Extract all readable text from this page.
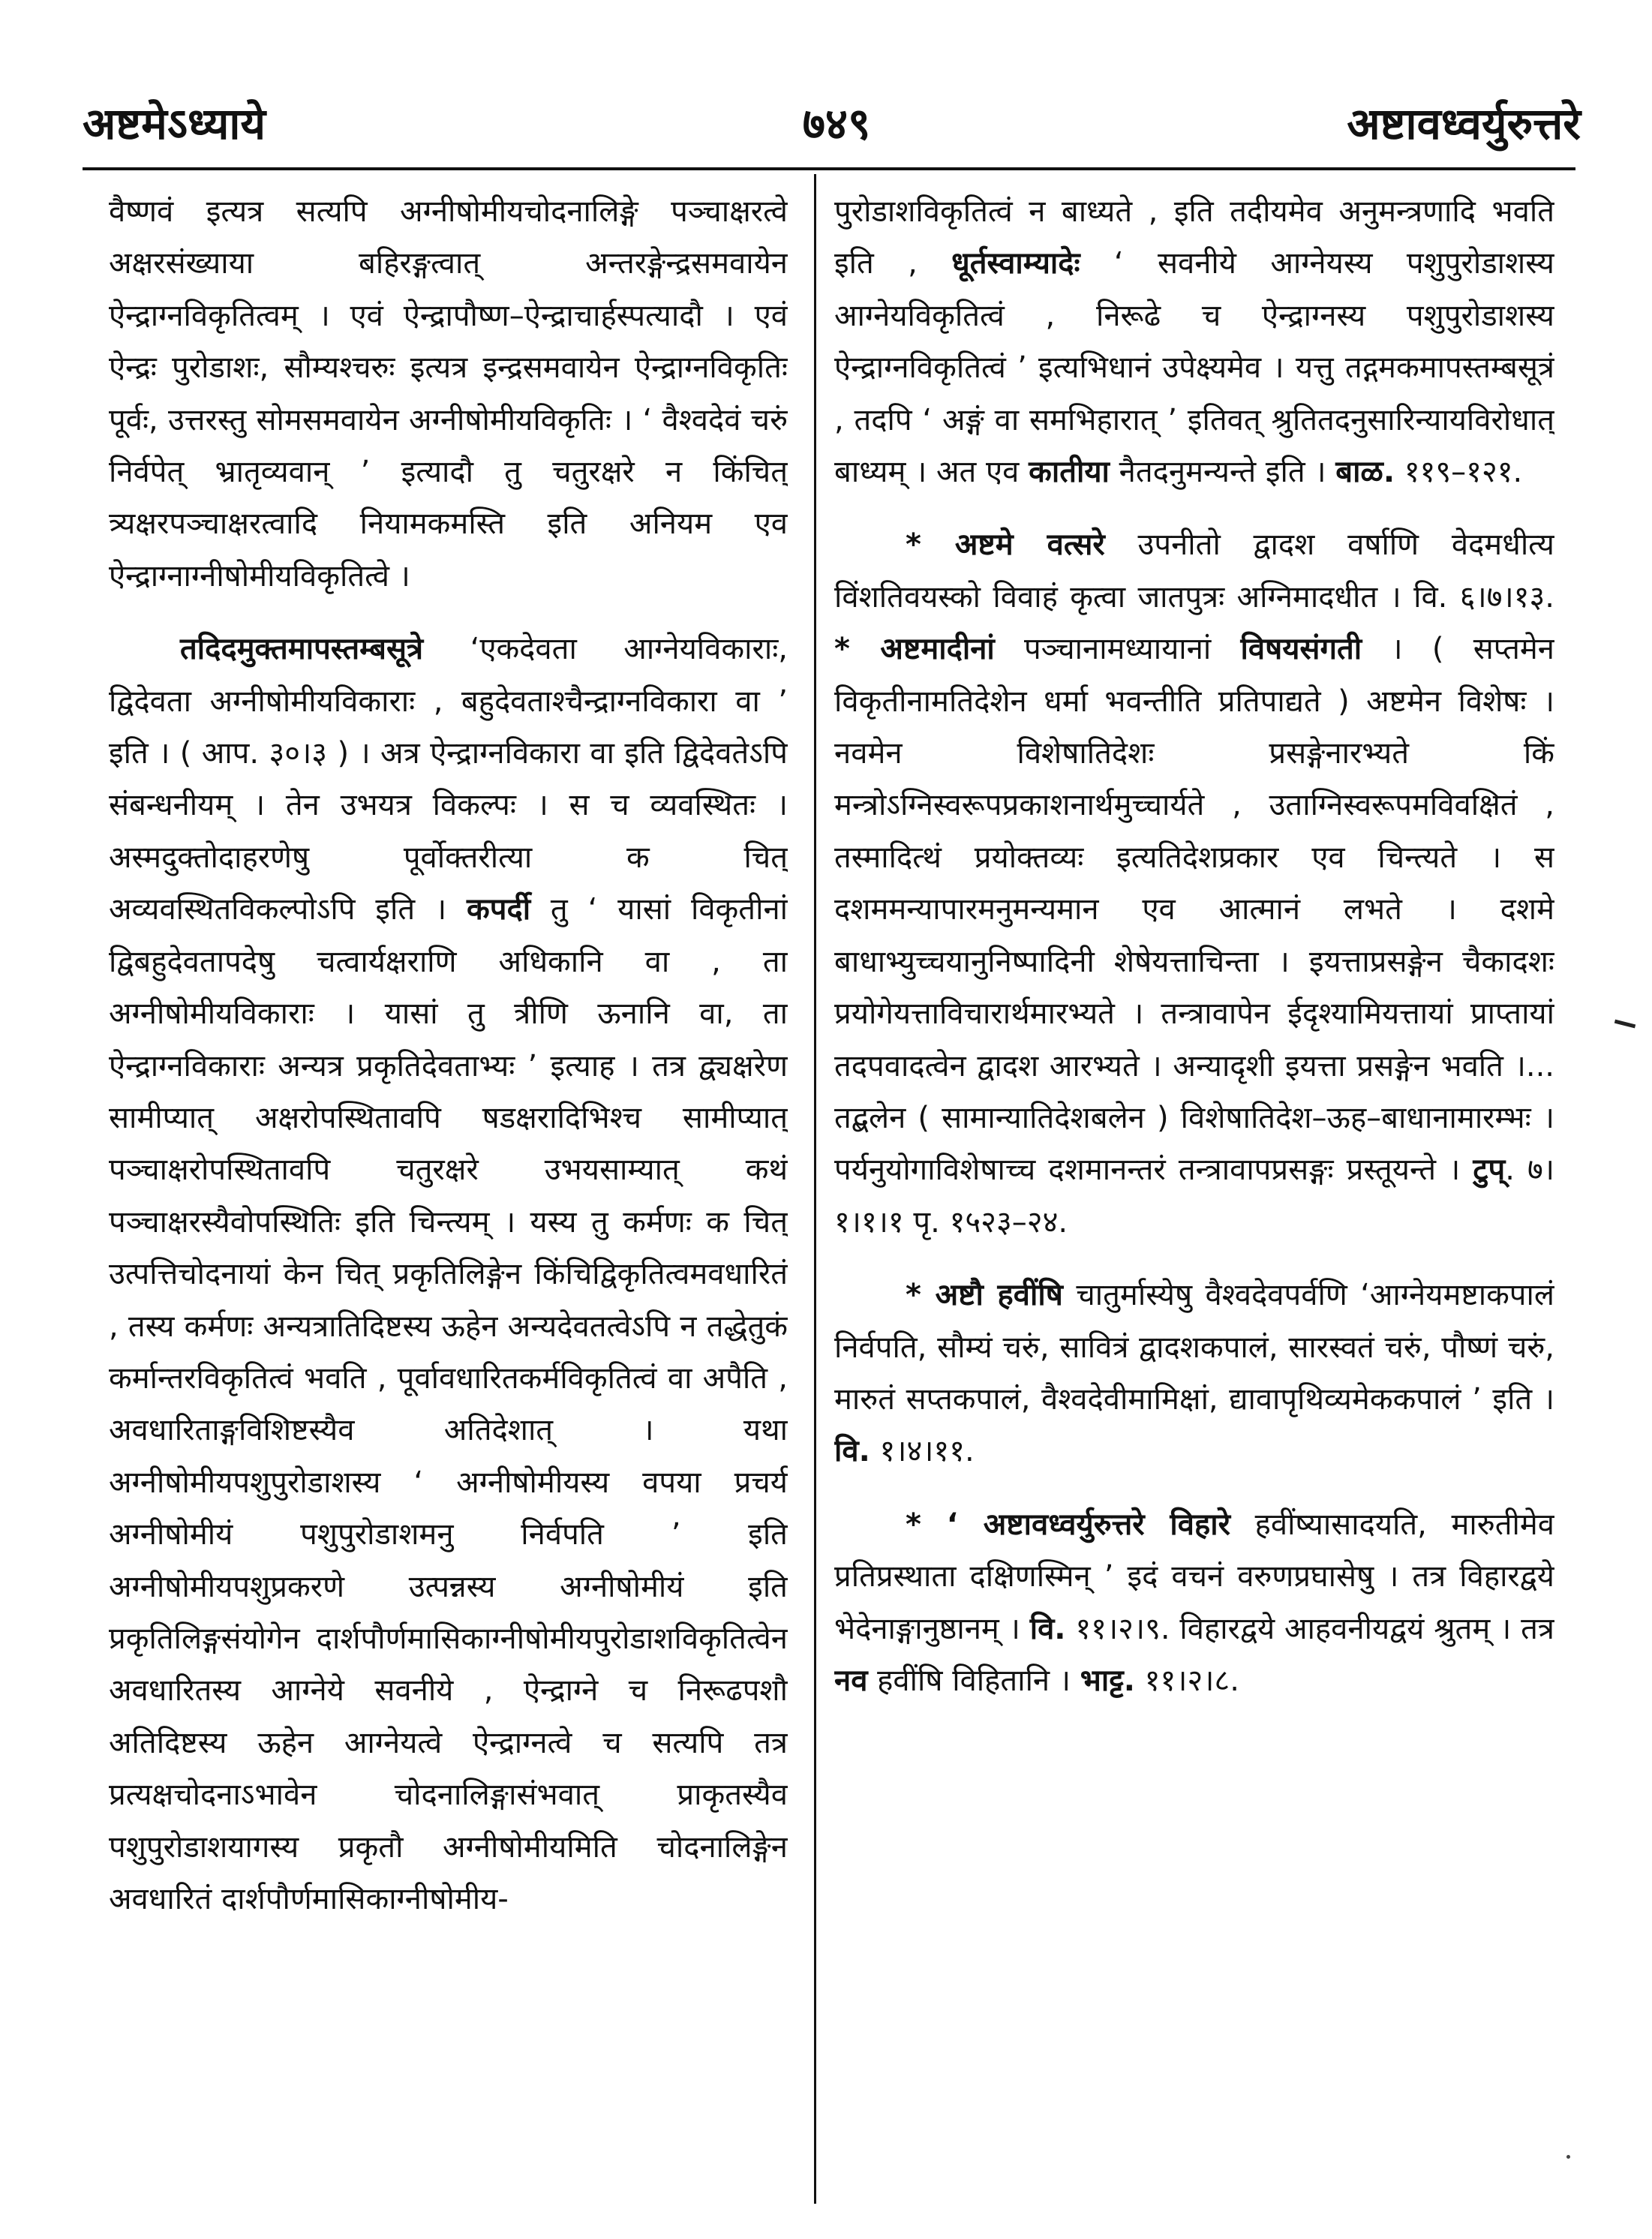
अष्टमेऽध्याये	७४९	अष्टावध्वर्युरुत्तरे

वैष्णवं इत्यत्र सत्यपि अग्नीषोमीयचोदनालिङ्गे पञ्चाक्षरत्वे अक्षरसंख्याया बहिरङ्गत्वात् अन्तरङ्गेन्द्रसमवायेन ऐन्द्राग्नविकृतित्वम् । एवं ऐन्द्रापौष्ण–ऐन्द्राचार्हस्पत्यादौ । एवं ऐन्द्रः पुरोडाशः, सौम्यश्चरुः इत्यत्र इन्द्रसमवायेन ऐन्द्राग्नविकृतिः पूर्वः, उत्तरस्तु सोमसमवायेन अग्नीषोमीयविकृतिः । ‘ वैश्वदेवं चरुं निर्वपेत् भ्रातृव्यवान् ’ इत्यादौ तु चतुरक्षरे न किंचित् त्र्यक्षरपञ्चाक्षरत्वादि नियामकमस्ति इति अनियम एव ऐन्द्राग्नाग्नीषोमीयविकृतित्वे ।

तदिदमुक्तमापस्तम्बसूत्रे ‘एकदेवता आग्नेयविकाराः, द्विदेवता अग्नीषोमीयविकाराः , बहुदेवताश्चैन्द्राग्नविकारा वा ’ इति । ( आप. ३०।३ ) । अत्र ऐन्द्राग्नविकारा वा इति द्विदेवतेऽपि संबन्धनीयम् । तेन उभयत्र विकल्पः । स च व्यवस्थितः । अस्मदुक्तोदाहरणेषु पूर्वोक्तरीत्या क चित् अव्यवस्थितविकल्पोऽपि इति । कपर्दी तु ‘ यासां विकृतीनां द्विबहुदेवतापदेषु चत्वार्यक्षराणि अधिकानि वा , ता अग्नीषोमीयविकाराः । यासां तु त्रीणि ऊनानि वा, ता ऐन्द्राग्नविकाराः अन्यत्र प्रकृतिदेवताभ्यः ’ इत्याह । तत्र द्व्यक्षरेण सामीप्यात् अक्षरोपस्थितावपि षडक्षरादिभिश्च सामीप्यात् पञ्चाक्षरोपस्थितावपि चतुरक्षरे उभयसाम्यात् कथं पञ्चाक्षरस्यैवोपस्थितिः इति चिन्त्यम् । यस्य तु कर्मणः क चित् उत्पत्तिचोदनायां केन चित् प्रकृतिलिङ्गेन किंचिद्विकृतित्वमवधारितं , तस्य कर्मणः अन्यत्रातिदिष्टस्य ऊहेन अन्यदेवतत्वेऽपि न तद्धेतुकं कर्मान्तरविकृतित्वं भवति , पूर्वावधारितकर्मविकृतित्वं वा अपैति , अवधारिताङ्गविशिष्टस्यैव अतिदेशात् । यथा अग्नीषोमीयपशुपुरोडाशस्य ‘ अग्नीषोमीयस्य वपया प्रचर्य अग्नीषोमीयं पशुपुरोडाशमनु निर्वपति ’ इति अग्नीषोमीयपशुप्रकरणे उत्पन्नस्य अग्नीषोमीयं इति प्रकृतिलिङ्गसंयोगेन दार्शपौर्णमासिकाग्नीषोमीयपुरोडाशविकृतित्वेन अवधारितस्य आग्नेये सवनीये , ऐन्द्राग्ने च निरूढपशौ अतिदिष्टस्य ऊहेन आग्नेयत्वे ऐन्द्राग्नत्वे च सत्यपि तत्र प्रत्यक्षचोदनाऽभावेन चोदनालिङ्गासंभवात् प्राकृतस्यैव पशुपुरोडाशयागस्य प्रकृतौ अग्नीषोमीयमिति चोदनालिङ्गेन अवधारितं दार्शपौर्णमासिकाग्नीषोमीय-

पुरोडाशविकृतित्वं न बाध्यते , इति तदीयमेव अनुमन्त्रणादि भवति इति , धूर्तस्वाम्यादेः ‘ सवनीये आग्नेयस्य पशुपुरोडाशस्य आग्नेयविकृतित्वं , निरूढे च ऐन्द्राग्नस्य पशुपुरोडाशस्य ऐन्द्राग्नविकृतित्वं ’ इत्यभिधानं उपेक्ष्यमेव । यत्तु तद्गमकमापस्तम्बसूत्रं , तदपि ‘ अङ्गं वा समभिहारात् ’ इतिवत् श्रुतितदनुसारिन्यायविरोधात् बाध्यम् । अत एव कातीया नैतदनुमन्यन्ते इति । बाळ. ११९–१२१.

* अष्टमे वत्सरे उपनीतो द्वादश वर्षाणि वेदमधीत्य विंशतिवयस्को विवाहं कृत्वा जातपुत्रः अग्निमादधीत । वि. ६।७।१३. * अष्टमादीनां पञ्चानामध्यायानां विषयसंगती । ( सप्तमेन विकृतीनामतिदेशेन धर्मा भवन्तीति प्रतिपाद्यते ) अष्टमेन विशेषः । नवमेन विशेषातिदेशः प्रसङ्गेनारभ्यते किं मन्त्रोऽग्निस्वरूपप्रकाशनार्थमुच्चार्यते , उताग्निस्वरूपमविवक्षितं , तस्मादित्थं प्रयोक्तव्यः इत्यतिदेशप्रकार एव चिन्त्यते । स दशममन्यापारमनुमन्यमान एव आत्मानं लभते । दशमे बाधाभ्युच्चयानुनिष्पादिनी शेषेयत्ताचिन्ता । इयत्ताप्रसङ्गेन चैकादशः प्रयोगेयत्ताविचारार्थमारभ्यते । तन्त्रावापेन ईदृश्यामियत्तायां प्राप्तायां तदपवादत्वेन द्वादश आरभ्यते । अन्यादृशी इयत्ता प्रसङ्गेन भवति ।... तद्बलेन ( सामान्यातिदेशबलेन ) विशेषातिदेश–ऊह–बाधानामारम्भः । पर्यनुयोगाविशेषाच्च दशमानन्तरं तन्त्रावापप्रसङ्गः प्रस्तूयन्ते । टुप्. ७।१।१।१ पृ. १५२३–२४.

* अष्टौ हवींषि चातुर्मास्येषु वैश्वदेवपर्वणि ‘आग्नेयमष्टाकपालं निर्वपति, सौम्यं चरुं, सावित्रं द्वादशकपालं, सारस्वतं चरुं, पौष्णं चरुं, मारुतं सप्तकपालं, वैश्वदेवीमामिक्षां, द्यावापृथिव्यमेककपालं ’ इति । वि. १।४।११.

* ‘ अष्टावध्वर्युरुत्तरे विहारे हवींष्यासादयति, मारुतीमेव प्रतिप्रस्थाता दक्षिणस्मिन् ’ इदं वचनं वरुणप्रघासेषु । तत्र विहारद्वये भेदेनाङ्गानुष्ठानम् । वि. ११।२।९. विहारद्वये आहवनीयद्वयं श्रुतम् । तत्र नव हवींषि विहितानि । भाट्ट. ११।२।८.
